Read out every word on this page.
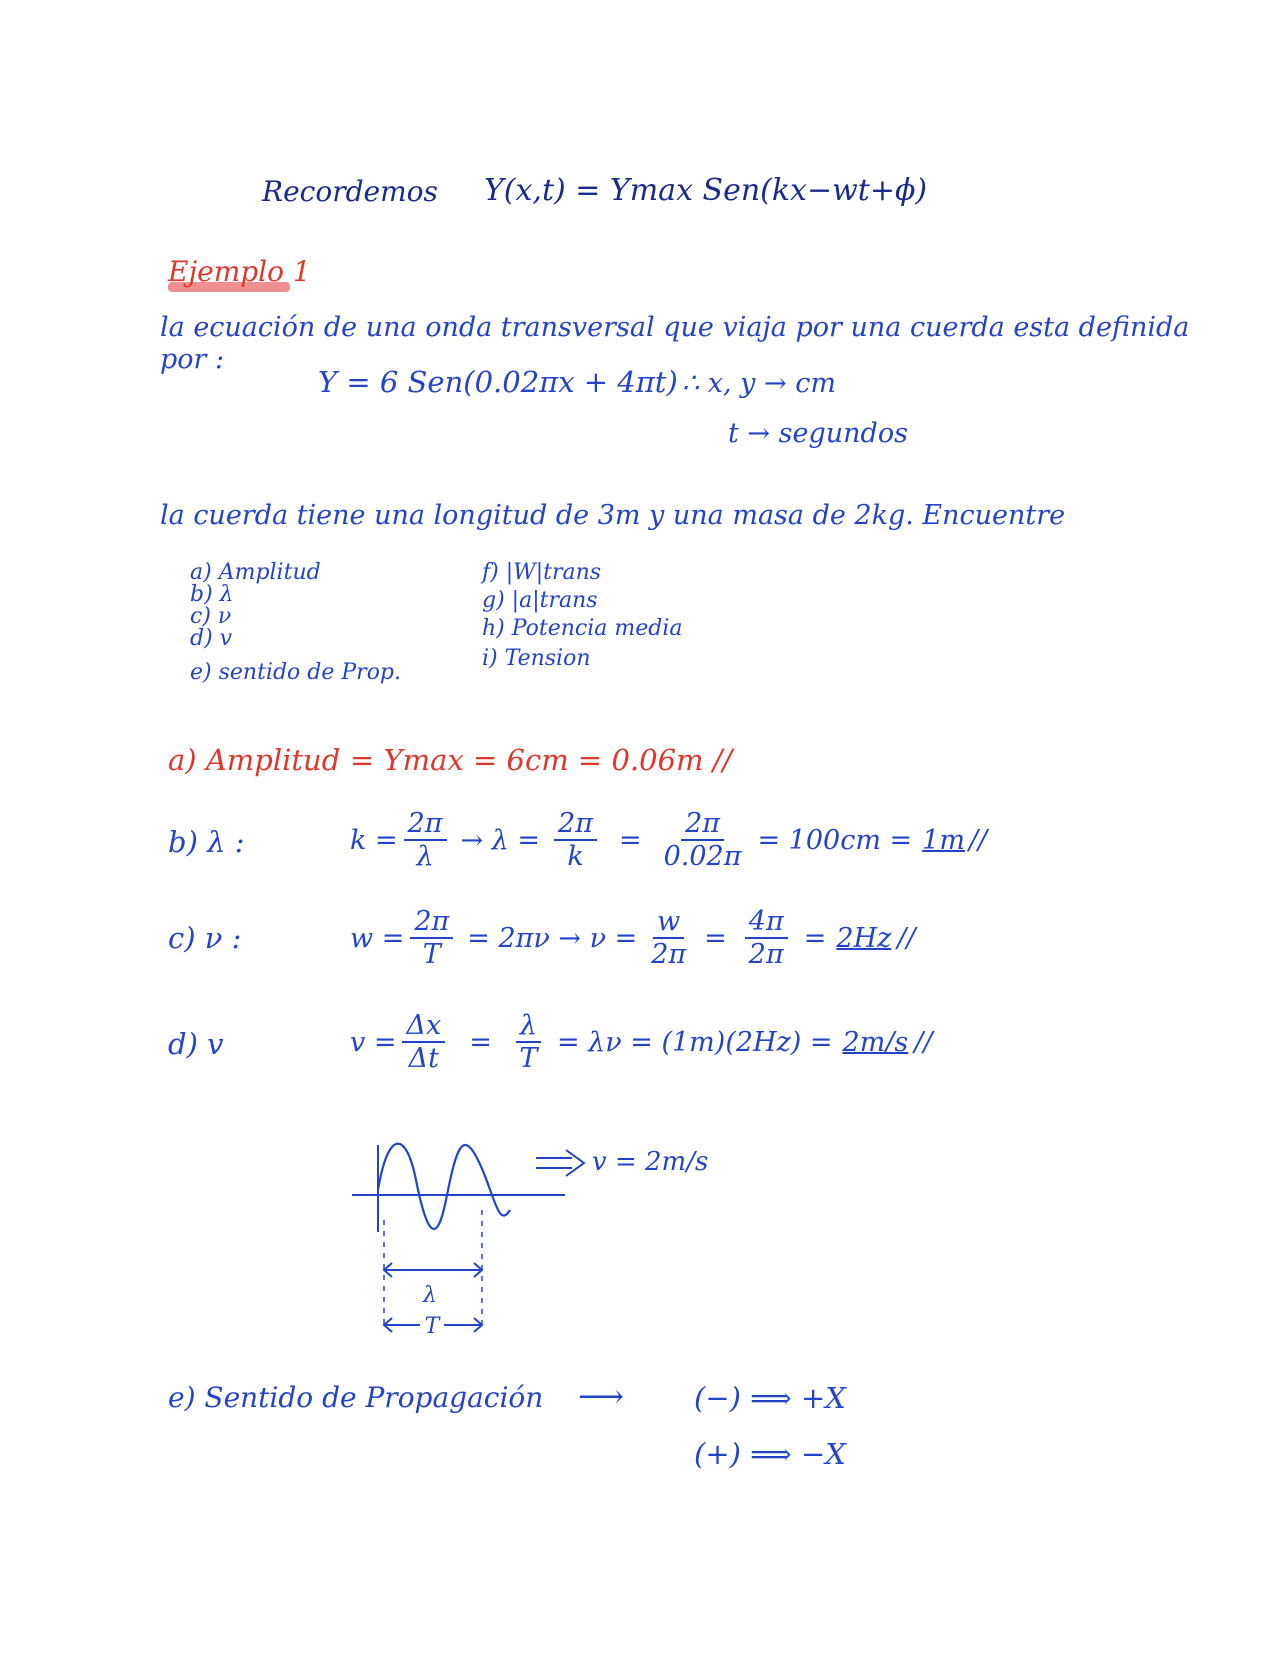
Recordemos Y(x,t) = Ymax Sen(kx−wt+ϕ)
Ejemplo 1
la ecuación de una onda transversal que viaja por una cuerda esta definida
por :
Y = 6 Sen(0.02πx + 4πt) ∴ x, y → cm
t → segundos
la cuerda tiene una longitud de 3m y una masa de 2kg. Encuentre
a) Amplitud
b) λ
c) ν
d) v
e) sentido de Prop.
f) |W|trans
g) |a|trans
h) Potencia media
i) Tension
a) Amplitud = Ymax = 6cm = 0.06m //
b) λ :	$k = \frac{2\pi}{\lambda} \to \lambda = \frac{2\pi}{k} = \frac{2\pi}{0.02\pi} = 100cm = 1m$ //
c) ν :	$w = \frac{2\pi}{T} = 2\pi\nu \to \nu = \frac{w}{2\pi} = \frac{4\pi}{2\pi} = 2Hz$ //
d) v	$v = \frac{\Delta x}{\Delta t} = \frac{\lambda}{T} = \lambda\nu = (1m)(2Hz) = 2m/s$ //
λ
T
v = 2m/s
e) Sentido de Propagación ⟶ (−) ⟹ +X
(+) ⟹ −X
